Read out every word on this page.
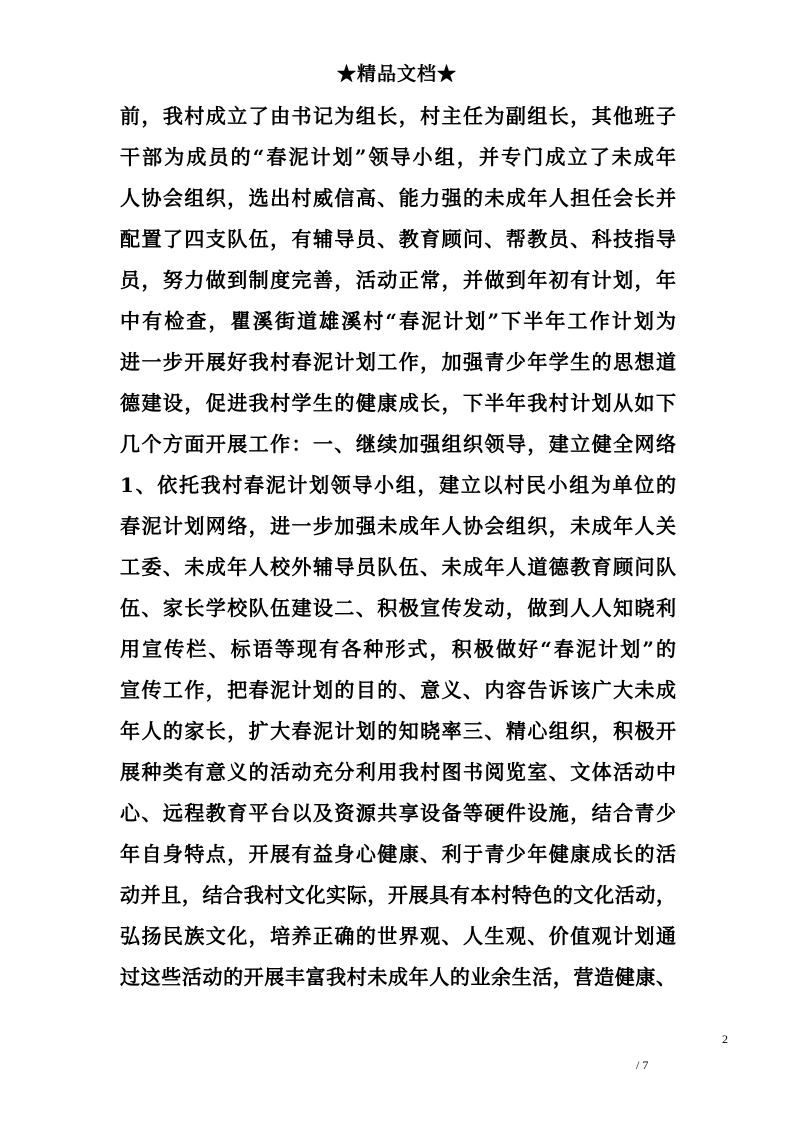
★精品文档★
前，我村成立了由书记为组长，村主任为副组长，其他班子
干部为成员的“春泥计划”领导小组，并专门成立了未成年
人协会组织，选出村威信高、能力强的未成年人担任会长并
配置了四支队伍，有辅导员、教育顾问、帮教员、科技指导
员，努力做到制度完善，活动正常，并做到年初有计划，年
中有检查，瞿溪街道雄溪村“春泥计划”下半年工作计划为
进一步开展好我村春泥计划工作，加强青少年学生的思想道
德建设，促进我村学生的健康成长，下半年我村计划从如下
几个方面开展工作：一、继续加强组织领导，建立健全网络
1、依托我村春泥计划领导小组，建立以村民小组为单位的
春泥计划网络，进一步加强未成年人协会组织，未成年人关
工委、未成年人校外辅导员队伍、未成年人道德教育顾问队
伍、家长学校队伍建设二、积极宣传发动，做到人人知晓利
用宣传栏、标语等现有各种形式，积极做好“春泥计划”的
宣传工作，把春泥计划的目的、意义、内容告诉该广大未成
年人的家长，扩大春泥计划的知晓率三、精心组织，积极开
展种类有意义的活动充分利用我村图书阅览室、文体活动中
心、远程教育平台以及资源共享设备等硬件设施，结合青少
年自身特点，开展有益身心健康、利于青少年健康成长的活
动并且，结合我村文化实际，开展具有本村特色的文化活动，
弘扬民族文化，培养正确的世界观、人生观、价值观计划通
过这些活动的开展丰富我村未成年人的业余生活，营造健康、
2
/ 7
